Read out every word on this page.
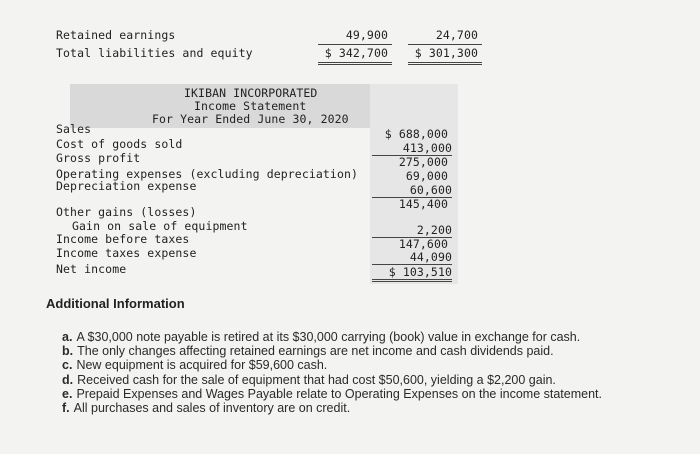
Retained earnings	49,900	24,700
Total liabilities and equity	$ 342,700	$ 301,300
IKIBAN INCORPORATED
Income Statement
For Year Ended June 30, 2020
Sales	$ 688,000
Cost of goods sold	413,000
Gross profit	275,000
Operating expenses (excluding depreciation)	69,000
Depreciation expense	60,600
145,400
Other gains (losses)
Gain on sale of equipment	2,200
Income before taxes	147,600
Income taxes expense	44,090
Net income	$ 103,510
Additional Information
a. A $30,000 note payable is retired at its $30,000 carrying (book) value in exchange for cash.
b. The only changes affecting retained earnings are net income and cash dividends paid.
c. New equipment is acquired for $59,600 cash.
d. Received cash for the sale of equipment that had cost $50,600, yielding a $2,200 gain.
e. Prepaid Expenses and Wages Payable relate to Operating Expenses on the income statement.
f. All purchases and sales of inventory are on credit.
